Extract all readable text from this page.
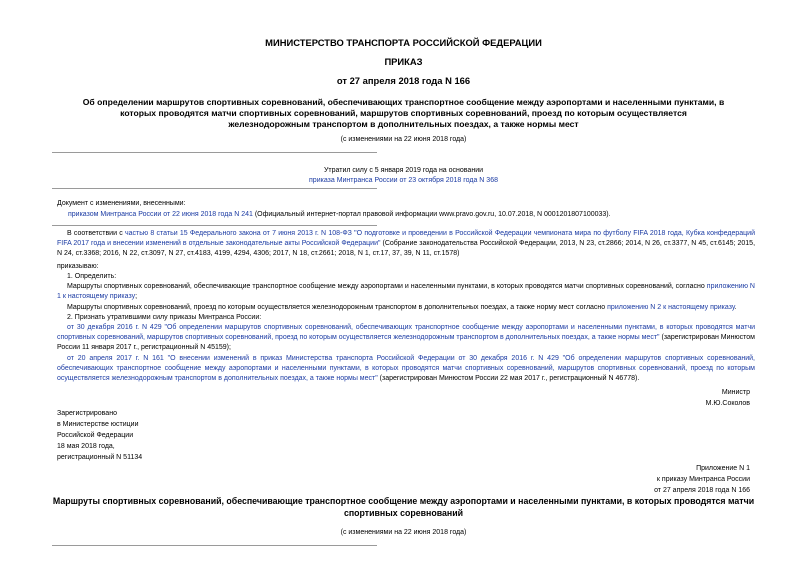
МИНИСТЕРСТВО ТРАНСПОРТА РОССИЙСКОЙ ФЕДЕРАЦИИ
ПРИКАЗ
от 27 апреля 2018 года N 166
Об определении маршрутов спортивных соревнований, обеспечивающих транспортное сообщение между аэропортами и населенными пунктами, в которых проводятся матчи спортивных соревнований, маршрутов спортивных соревнований, проезд по которым осуществляется железнодорожным транспортом в дополнительных поездах, а также нормы мест
(с изменениями на 22 июня 2018 года)
Утратил силу с 5 января 2019 года на основании
приказа Минтранса России от 23 октября 2018 года N 368
Документ с изменениями, внесенными:
приказом Минтранса России от 22 июня 2018 года N 241 (Официальный интернет-портал правовой информации www.pravo.gov.ru, 10.07.2018, N 0001201807100033).
В соответствии с частью 8 статьи 15 Федерального закона от 7 июня 2013 г. N 108-ФЗ "О подготовке и проведении в Российской Федерации чемпионата мира по футболу FIFA 2018 года, Кубка конфедераций FIFA 2017 года и внесении изменений в отдельные законодательные акты Российской Федерации" (Собрание законодательства Российской Федерации, 2013, N 23, ст.2866; 2014, N 26, ст.3377, N 45, ст.6145; 2015, N 24, ст.3368; 2016, N 22, ст.3097, N 27, ст.4183, 4199, 4294, 4306; 2017, N 18, ст.2661; 2018, N 1, ст.17, 37, 39, N 11, ст.1578)
приказываю:
1. Определить:
Маршруты спортивных соревнований, обеспечивающие транспортное сообщение между аэропортами и населенными пунктами, в которых проводятся матчи спортивных соревнований, согласно приложению N 1 к настоящему приказу;
Маршруты спортивных соревнований, проезд по которым осуществляется железнодорожным транспортом в дополнительных поездах, а также норму мест согласно приложению N 2 к настоящему приказу.
2. Признать утратившими силу приказы Минтранса России:
от 30 декабря 2016 г. N 429 "Об определении маршрутов спортивных соревнований, обеспечивающих транспортное сообщение между аэропортами и населенными пунктами, в которых проводятся матчи спортивных соревнований, маршрутов спортивных соревнований, проезд по которым осуществляется железнодорожным транспортом в дополнительных поездах, а также нормы мест" (зарегистрирован Минюстом России 11 января 2017 г., регистрационный N 45159);
от 20 апреля 2017 г. N 161 "О внесении изменений в приказ Министерства транспорта Российской Федерации от 30 декабря 2016 г. N 429 "Об определении маршрутов спортивных соревнований, обеспечивающих транспортное сообщение между аэропортами и населенными пунктами, в которых проводятся матчи спортивных соревнований, маршрутов спортивных соревнований, проезд по которым осуществляется железнодорожным транспортом в дополнительных поездах, а также нормы мест" (зарегистрирован Минюстом России 22 мая 2017 г., регистрационный N 46778).
Министр
М.Ю.Соколов
Зарегистрировано
в Министерстве юстиции
Российской Федерации
18 мая 2018 года,
регистрационный N 51134
Приложение N 1
к приказу Минтранса России
от 27 апреля 2018 года N 166
Маршруты спортивных соревнований, обеспечивающие транспортное сообщение между аэропортами и населенными пунктами, в которых проводятся матчи спортивных соревнований
(с изменениями на 22 июня 2018 года)
